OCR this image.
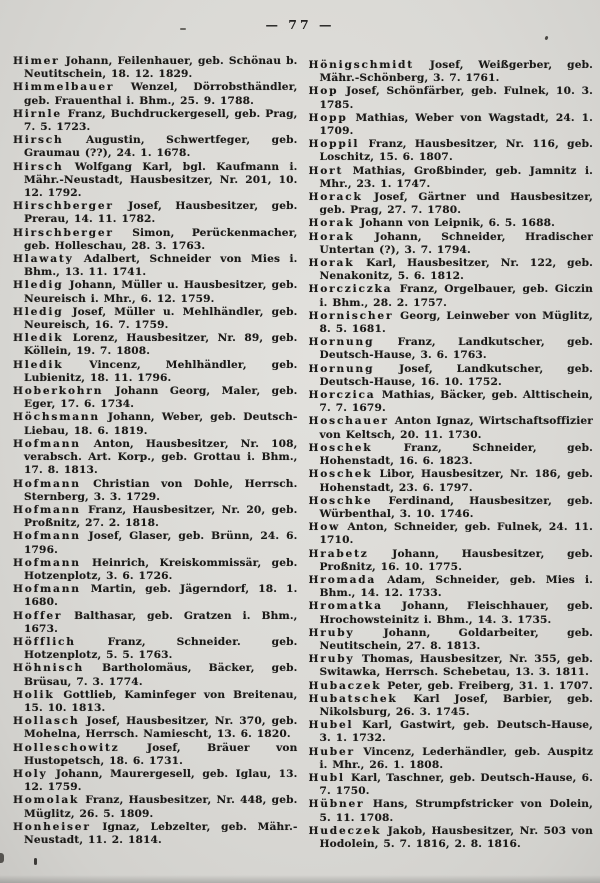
— 77 —

Himer Johann, Feilenhauer, geb. Schönau b. Neutitschein, 18. 12. 1829.

Himmelbauer Wenzel, Dörrobsthändler, geb. Frauenthal i. Bhm., 25. 9. 1788.

Hirnle Franz, Buchdruckergesell, geb. Prag, 7. 5. 1723.

Hirsch Augustin, Schwertfeger, geb. Graumau (??), 24. 1. 1678.

Hirsch Wolfgang Karl, bgl. Kaufmann i. Mähr.-Neustadt, Hausbesitzer, Nr. 201, 10. 12. 1792.

Hirschberger Josef, Hausbesitzer, geb. Prerau, 14. 11. 1782.

Hirschberger Simon, Perückenmacher, geb. Holleschau, 28. 3. 1763.

Hlawaty Adalbert, Schneider von Mies i. Bhm., 13. 11. 1741.

Hledig Johann, Müller u. Hausbesitzer, geb. Neureisch i. Mhr., 6. 12. 1759.

Hledig Josef, Müller u. Mehlhändler, geb. Neureisch, 16. 7. 1759.

Hledik Lorenz, Hausbesitzer, Nr. 89, geb. Köllein, 19. 7. 1808.

Hledik Vincenz, Mehlhändler, geb. Lubienitz, 18. 11. 1796.

Hoberkohrn Johann Georg, Maler, geb. Eger, 17. 6. 1734.

Höchsmann Johann, Weber, geb. Deutsch-Liebau, 18. 6. 1819.

Hofmann Anton, Hausbesitzer, Nr. 108, verabsch. Art. Korp., geb. Grottau i. Bhm., 17. 8. 1813.

Hofmann Christian von Dohle, Herrsch. Sternberg, 3. 3. 1729.

Hofmann Franz, Hausbesitzer, Nr. 20, geb. Proßnitz, 27. 2. 1818.

Hofmann Josef, Glaser, geb. Brünn, 24. 6. 1796.

Hofmann Heinrich, Kreiskommissär, geb. Hotzenplotz, 3. 6. 1726.

Hofmann Martin, geb. Jägerndorf, 18. 1. 1680.

Hoffer Balthasar, geb. Gratzen i. Bhm., 1673.

Höfflich Franz, Schneider. geb. Hotzenplotz, 5. 5. 1763.

Höhnisch Bartholomäus, Bäcker, geb. Brüsau, 7. 3. 1774.

Holik Gottlieb, Kaminfeger von Breitenau, 15. 10. 1813.

Hollasch Josef, Hausbesitzer, Nr. 370, geb. Mohelna, Herrsch. Namiescht, 13. 6. 1820.

Holleschowitz Josef, Bräuer von Hustopetsch, 18. 6. 1731.

Holy Johann, Maurergesell, geb. Iglau, 13. 12. 1759.

Homolak Franz, Hausbesitzer, Nr. 448, geb. Müglitz, 26. 5. 1809.

Honheiser Ignaz, Lebzelter, geb. Mähr.-Neustadt, 11. 2. 1814.

Hönigschmidt Josef, Weißgerber, geb. Mähr.-Schönberg, 3. 7. 1761.

Hop Josef, Schönfärber, geb. Fulnek, 10. 3. 1785.

Hopp Mathias, Weber von Wagstadt, 24. 1. 1709.

Hoppil Franz, Hausbesitzer, Nr. 116, geb. Loschitz, 15. 6. 1807.

Hort Mathias, Großbinder, geb. Jamnitz i. Mhr., 23. 1. 1747.

Horack Josef, Gärtner und Hausbesitzer, geb. Prag, 27. 7. 1780.

Horak Johann von Leipnik, 6. 5. 1688.

Horak Johann, Schneider, Hradischer Untertan (?), 3. 7. 1794.

Horak Karl, Hausbesitzer, Nr. 122, geb. Nenakonitz, 5. 6. 1812.

Horcziczka Franz, Orgelbauer, geb. Giczin i. Bhm., 28. 2. 1757.

Hornischer Georg, Leinweber von Müglitz, 8. 5. 1681.

Hornung Franz, Landkutscher, geb. Deutsch-Hause, 3. 6. 1763.

Hornung Josef, Landkutscher, geb. Deutsch-Hause, 16. 10. 1752.

Horczica Mathias, Bäcker, geb. Alttischein, 7. 7. 1679.

Hoschauer Anton Ignaz, Wirtschaftsoffizier von Keltsch, 20. 11. 1730.

Hoschek Franz, Schneider, geb. Hohenstadt, 16. 6. 1823.

Hoschek Libor, Hausbesitzer, Nr. 186, geb. Hohenstadt, 23. 6. 1797.

Hoschke Ferdinand, Hausbesitzer, geb. Würbenthal, 3. 10. 1746.

How Anton, Schneider, geb. Fulnek, 24. 11. 1710.

Hrabetz Johann, Hausbesitzer, geb. Proßnitz, 16. 10. 1775.

Hromada Adam, Schneider, geb. Mies i. Bhm., 14. 12. 1733.

Hromatka Johann, Fleischhauer, geb. Hrochowsteinitz i. Bhm., 14. 3. 1735.

Hruby Johann, Goldarbeiter, geb. Neutitschein, 27. 8. 1813.

Hruby Thomas, Hausbesitzer, Nr. 355, geb. Switawka, Herrsch. Schebetau, 13. 3. 1811.

Hubaczek Peter, geb. Freiberg, 31. 1. 1707.

Hubatschek Karl Josef, Barbier, geb. Nikolsburg, 26. 3. 1745.

Hubel Karl, Gastwirt, geb. Deutsch-Hause, 3. 1. 1732.

Huber Vincenz, Lederhändler, geb. Auspitz i. Mhr., 26. 1. 1808.

Hubl Karl, Taschner, geb. Deutsch-Hause, 6. 7. 1750.

Hübner Hans, Strumpfstricker von Dolein, 5. 11. 1708.

Hudeczek Jakob, Hausbesitzer, Nr. 503 von Hodolein, 5. 7. 1816, 2. 8. 1816.
